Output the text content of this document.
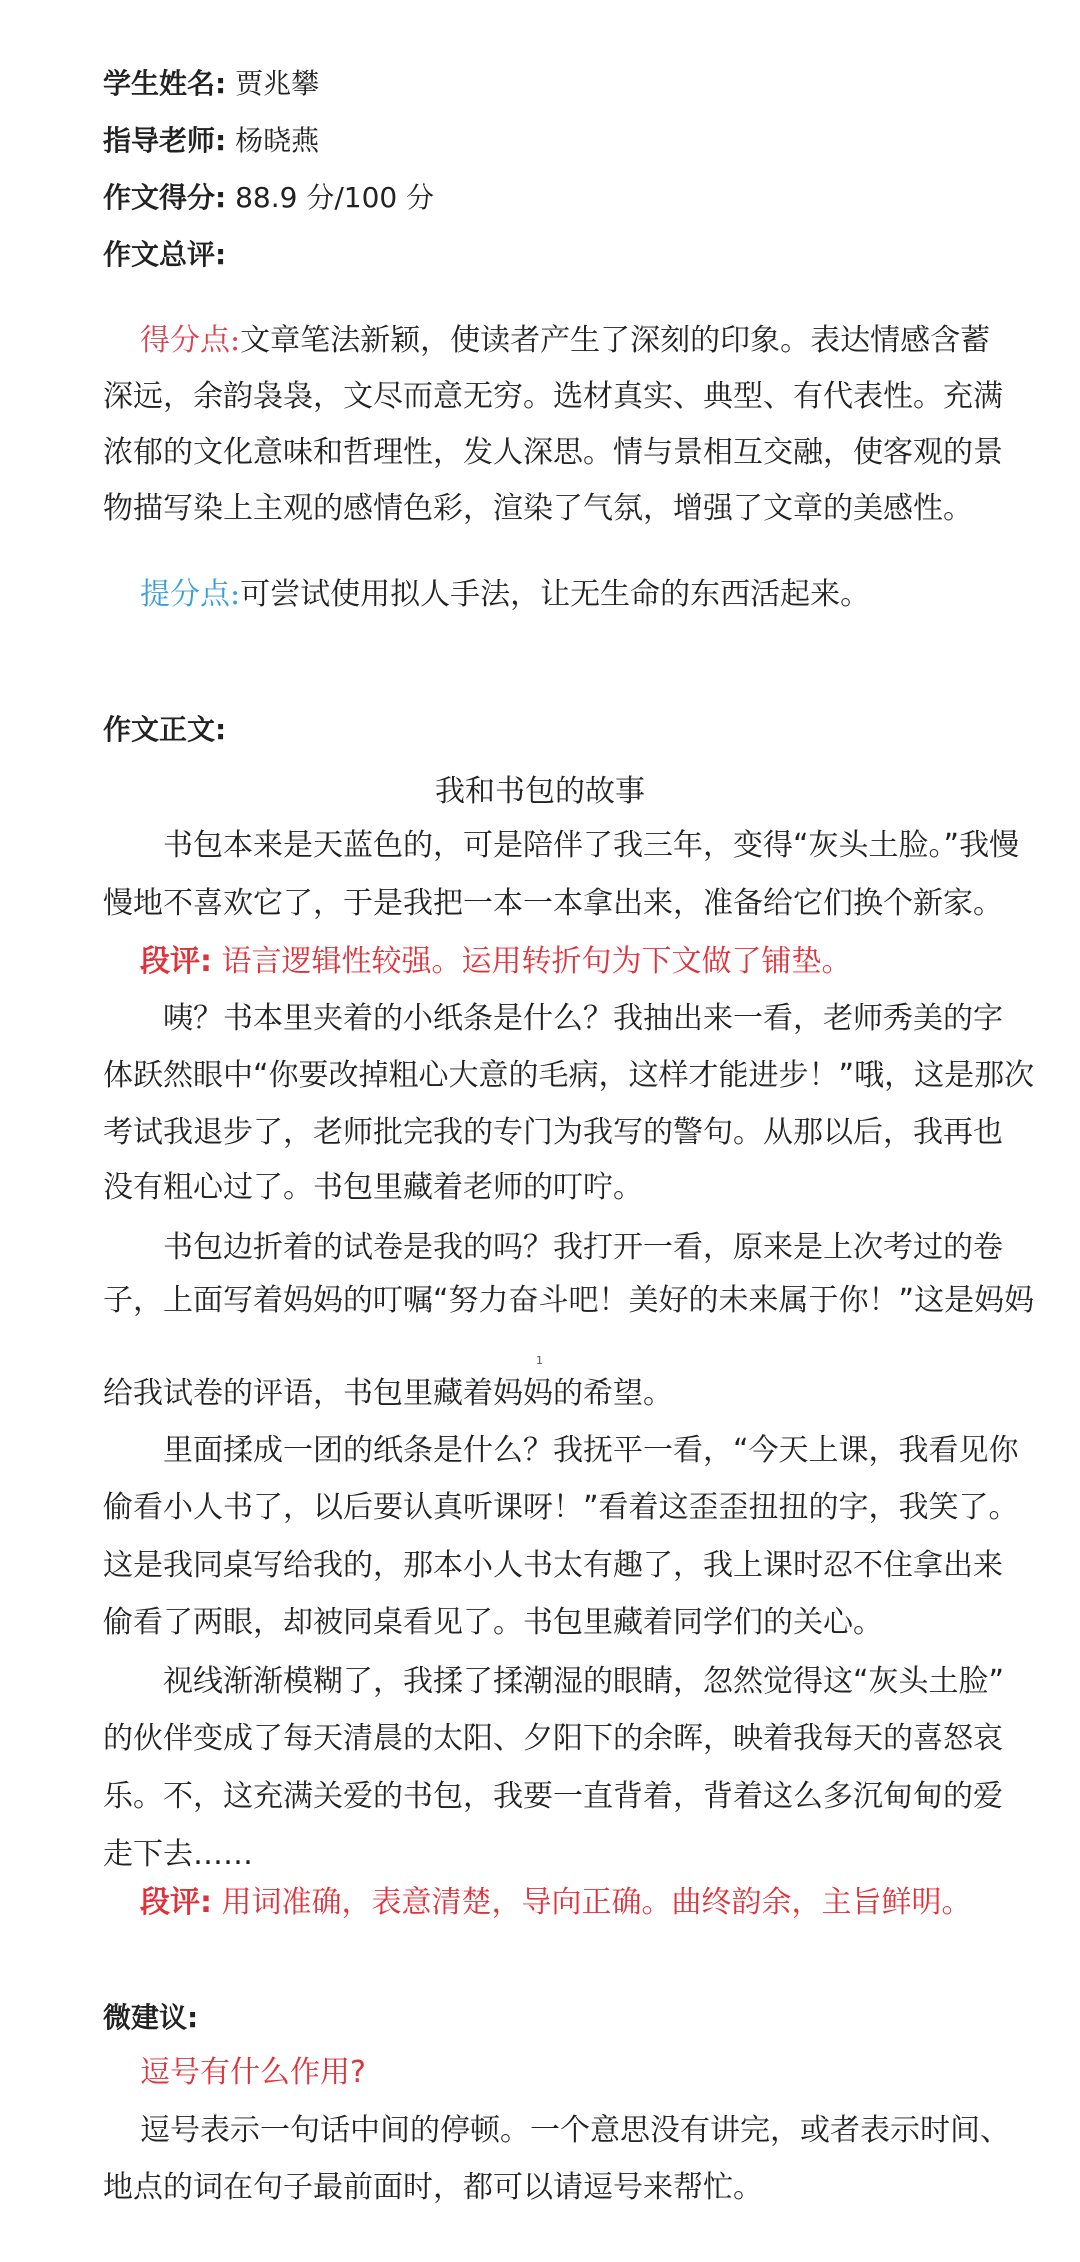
学生姓名: 贾兆攀
指导老师: 杨晓燕
作文得分: 88.9 分/100 分
作文总评:
得分点:文章笔法新颖，使读者产生了深刻的印象。表达情感含蓄
深远，余韵袅袅，文尽而意无穷。选材真实、典型、有代表性。充满
浓郁的文化意味和哲理性，发人深思。情与景相互交融，使客观的景
物描写染上主观的感情色彩，渲染了气氛，增强了文章的美感性。
提分点:可尝试使用拟人手法，让无生命的东西活起来。
作文正文:
我和书包的故事
书包本来是天蓝色的，可是陪伴了我三年，变得“灰头土脸。”我慢
慢地不喜欢它了，于是我把一本一本拿出来，准备给它们换个新家。
段评: 语言逻辑性较强。运用转折句为下文做了铺垫。
咦？书本里夹着的小纸条是什么？我抽出来一看，老师秀美的字
体跃然眼中“你要改掉粗心大意的毛病，这样才能进步！”哦，这是那次
考试我退步了，老师批完我的专门为我写的警句。从那以后，我再也
没有粗心过了。书包里藏着老师的叮咛。
书包边折着的试卷是我的吗？我打开一看，原来是上次考过的卷
子，上面写着妈妈的叮嘱“努力奋斗吧！美好的未来属于你！”这是妈妈
1
给我试卷的评语，书包里藏着妈妈的希望。
里面揉成一团的纸条是什么？我抚平一看，“今天上课，我看见你
偷看小人书了，以后要认真听课呀！”看着这歪歪扭扭的字，我笑了。
这是我同桌写给我的，那本小人书太有趣了，我上课时忍不住拿出来
偷看了两眼，却被同桌看见了。书包里藏着同学们的关心。
视线渐渐模糊了，我揉了揉潮湿的眼睛，忽然觉得这“灰头土脸”
的伙伴变成了每天清晨的太阳、夕阳下的余晖，映着我每天的喜怒哀
乐。不，这充满关爱的书包，我要一直背着，背着这么多沉甸甸的爱
走下去……
段评: 用词准确，表意清楚，导向正确。曲终韵余，主旨鲜明。
微建议:
逗号有什么作用?
逗号表示一句话中间的停顿。一个意思没有讲完，或者表示时间、
地点的词在句子最前面时，都可以请逗号来帮忙。
